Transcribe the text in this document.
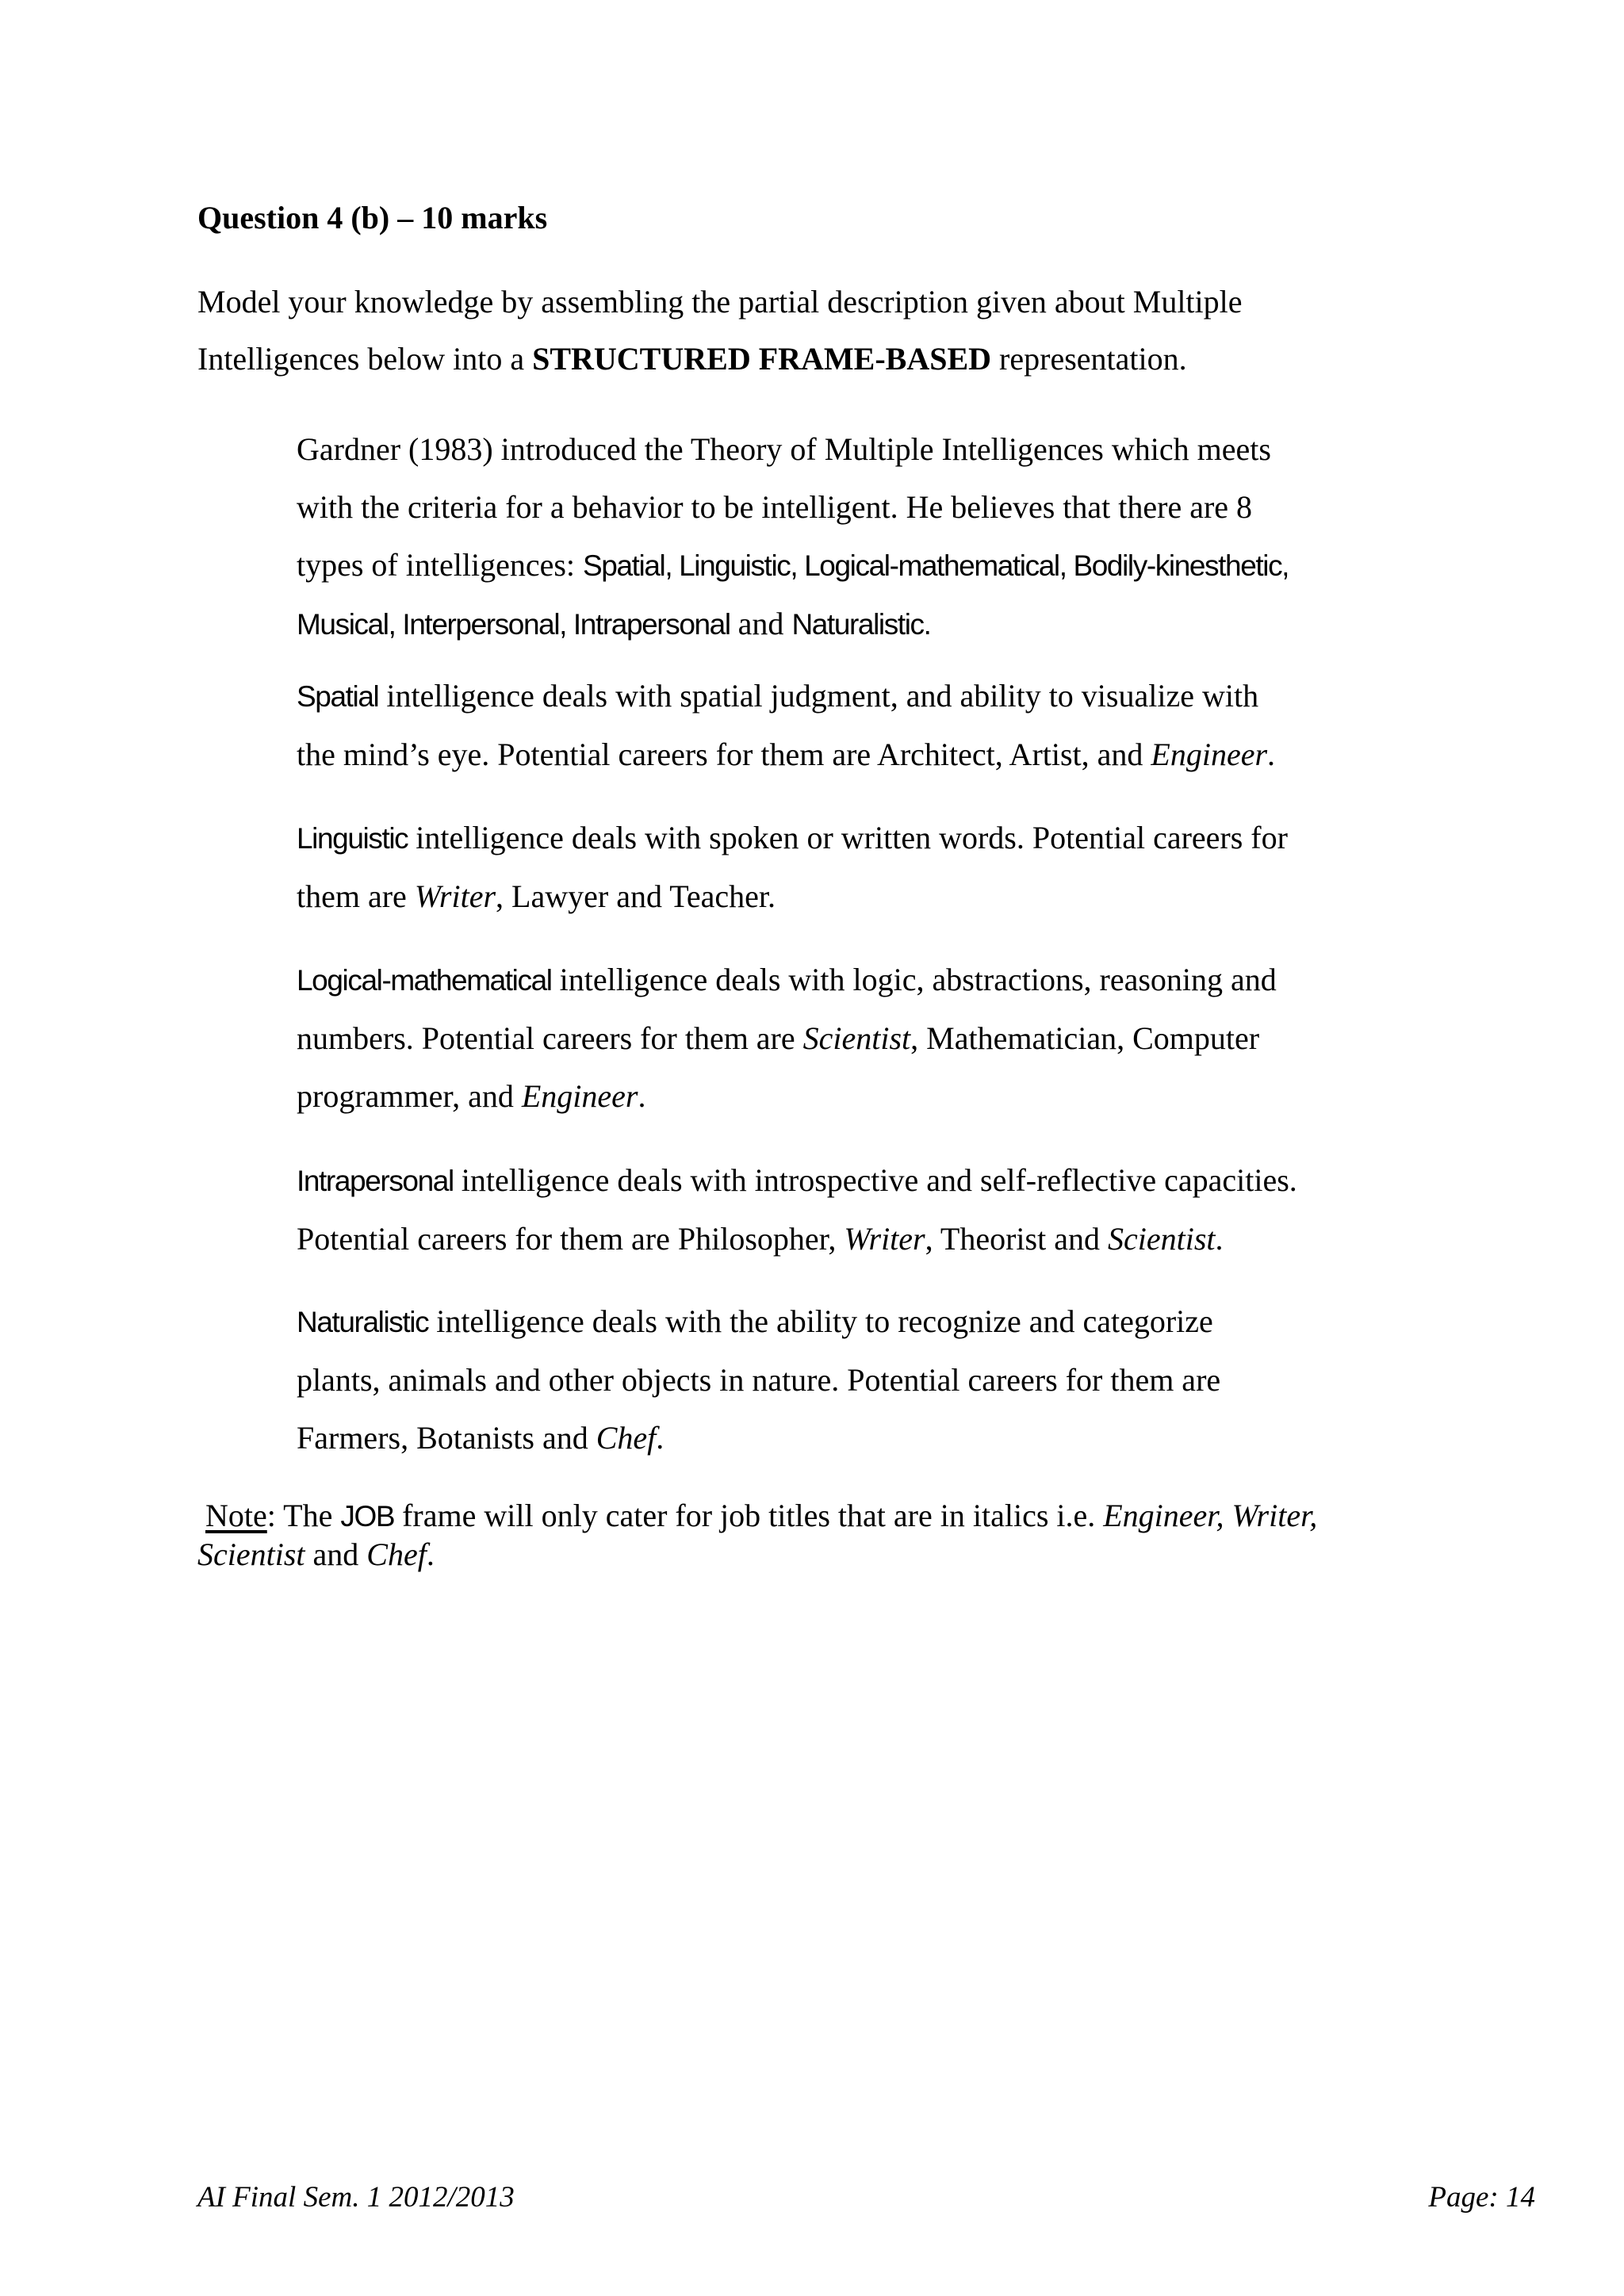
Question 4 (b) – 10 marks

Model your knowledge by assembling the partial description given about Multiple

Intelligences below into a STRUCTURED FRAME-BASED representation.

Gardner (1983) introduced the Theory of Multiple Intelligences which meets

with the criteria for a behavior to be intelligent. He believes that there are 8

types of intelligences: Spatial, Linguistic, Logical-mathematical, Bodily-kinesthetic,

Musical, Interpersonal, Intrapersonal and Naturalistic.

Spatial intelligence deals with spatial judgment, and ability to visualize with

the mind’s eye. Potential careers for them are Architect, Artist, and Engineer.

Linguistic intelligence deals with spoken or written words. Potential careers for

them are Writer, Lawyer and Teacher.

Logical-mathematical intelligence deals with logic, abstractions, reasoning and

numbers. Potential careers for them are Scientist, Mathematician, Computer

programmer, and Engineer.

Intrapersonal intelligence deals with introspective and self-reflective capacities.

Potential careers for them are Philosopher, Writer, Theorist and Scientist.

Naturalistic intelligence deals with the ability to recognize and categorize

plants, animals and other objects in nature. Potential careers for them are

Farmers, Botanists and Chef.

Note: The JOB frame will only cater for job titles that are in italics i.e. Engineer, Writer,

Scientist and Chef.

AI Final Sem. 1 2012/2013	Page: 14
